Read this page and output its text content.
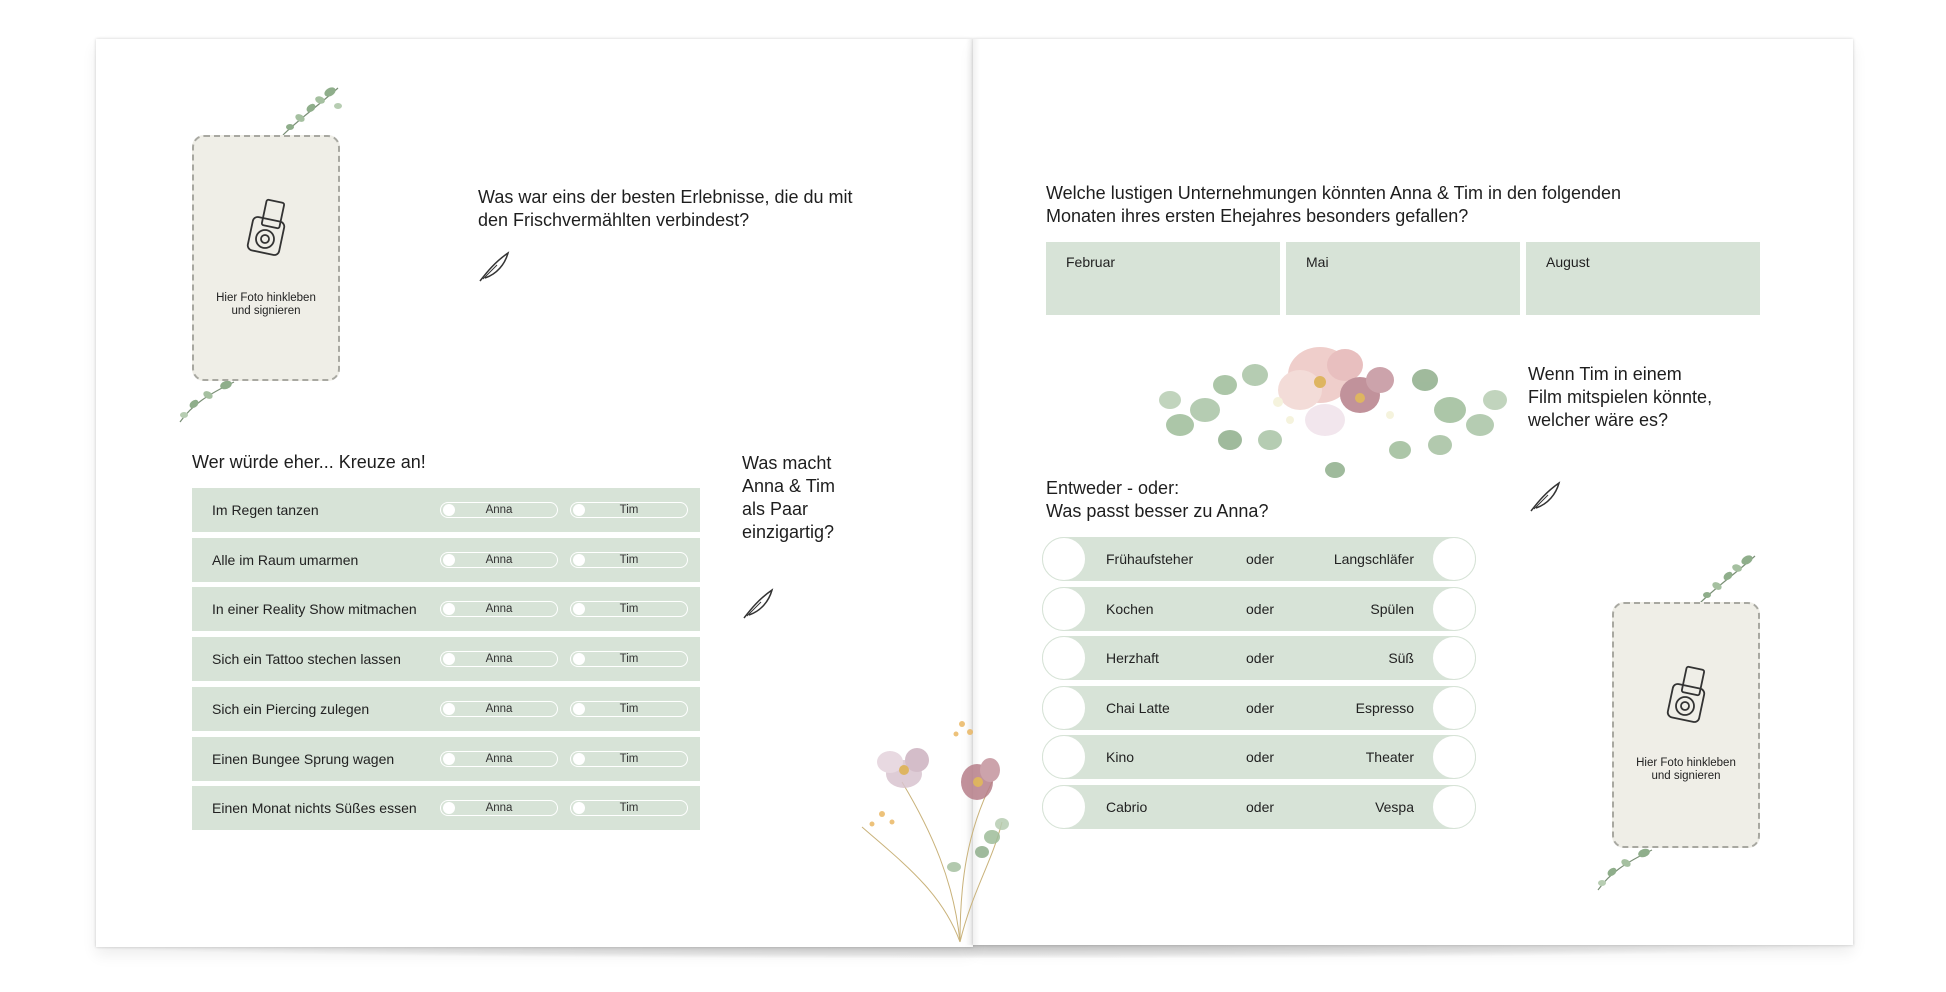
Hier Foto hinkleben
und signieren
Was war eins der besten Erlebnisse, die du mit
den Frischvermählten verbindest?
Wer würde eher... Kreuze an!
Im Regen tanzen	Anna	Tim
Alle im Raum umarmen	Anna	Tim
In einer Reality Show mitmachen	Anna	Tim
Sich ein Tattoo stechen lassen	Anna	Tim
Sich ein Piercing zulegen	Anna	Tim
Einen Bungee Sprung wagen	Anna	Tim
Einen Monat nichts Süßes essen	Anna	Tim
Was macht
Anna & Tim
als Paar
einzigartig?
Welche lustigen Unternehmungen könnten Anna & Tim in den folgenden
Monaten ihres ersten Ehejahres besonders gefallen?
Februar	Mai	August
Wenn Tim in einem
Film mitspielen könnte,
welcher wäre es?
Entweder - oder:
Was passt besser zu Anna?
Frühaufsteher	oder	Langschläfer
Kochen	oder	Spülen
Herzhaft	oder	Süß
Chai Latte	oder	Espresso
Kino	oder	Theater
Cabrio	oder	Vespa
Hier Foto hinkleben
und signieren
